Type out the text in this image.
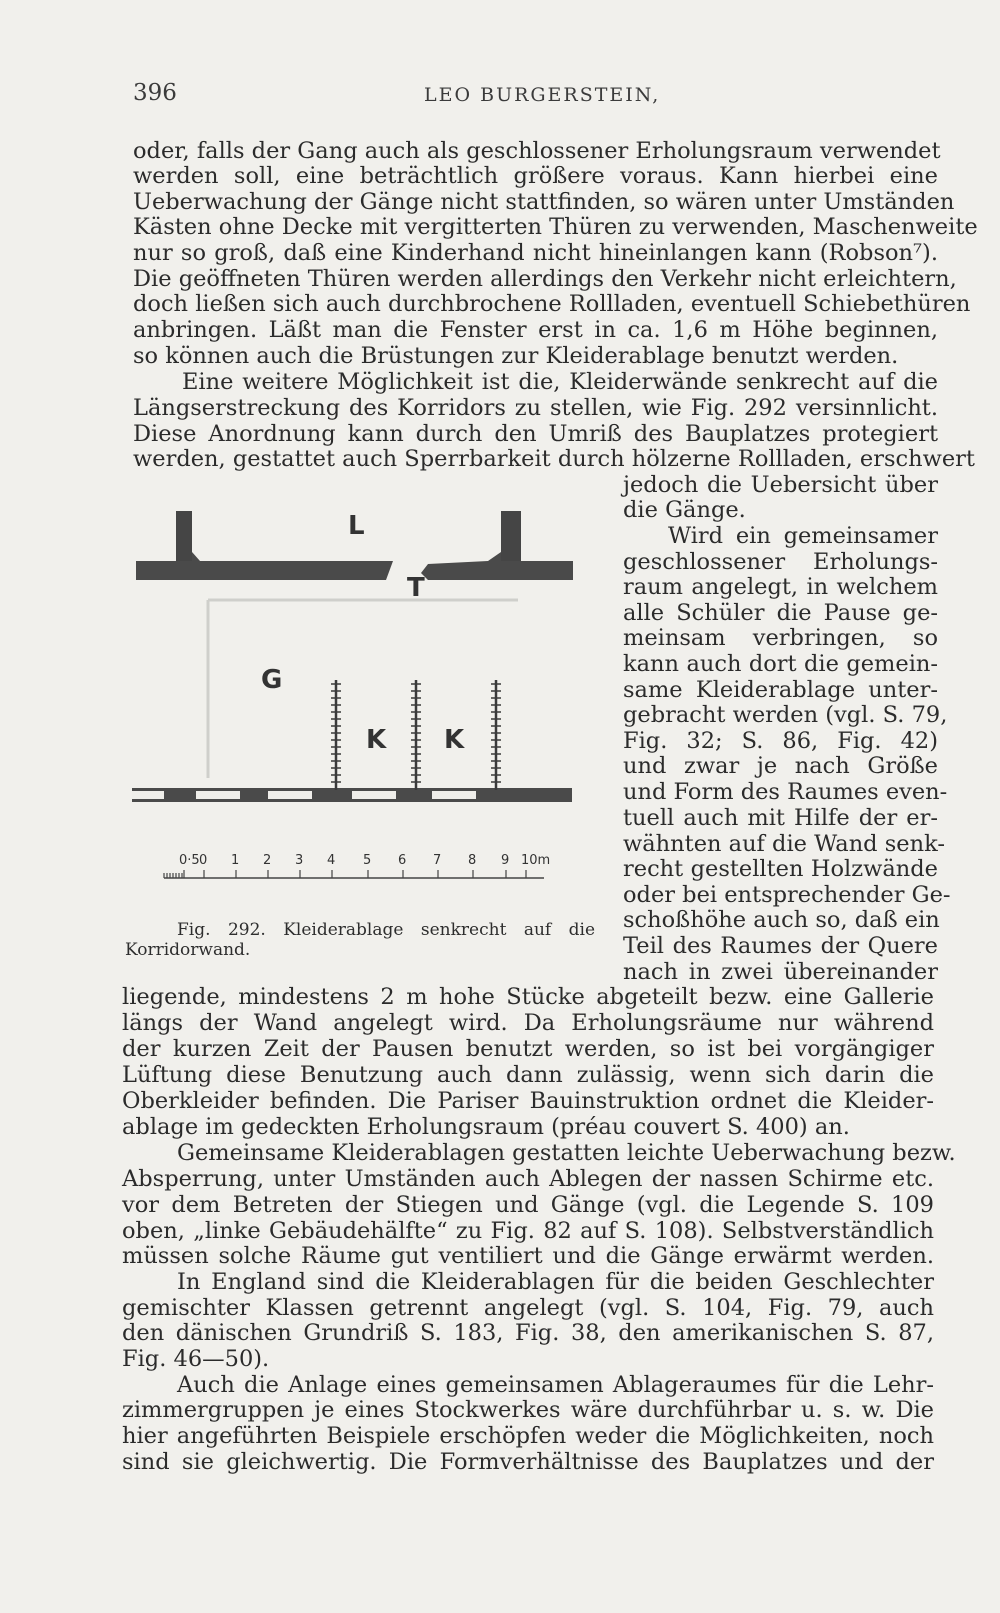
396	LEO BURGERSTEIN,
oder, falls der Gang auch als geschlossener Erholungsraum verwendet
werden soll, eine beträchtlich größere voraus. Kann hierbei eine
Ueberwachung der Gänge nicht stattfinden, so wären unter Umständen
Kästen ohne Decke mit vergitterten Thüren zu verwenden, Maschenweite
nur so groß, daß eine Kinderhand nicht hineinlangen kann (Robson⁷).
Die geöffneten Thüren werden allerdings den Verkehr nicht erleichtern,
doch ließen sich auch durchbrochene Rollladen, eventuell Schiebethüren
anbringen. Läßt man die Fenster erst in ca. 1,6 m Höhe beginnen,
so können auch die Brüstungen zur Kleiderablage benutzt werden.
Eine weitere Möglichkeit ist die, Kleiderwände senkrecht auf die
Längserstreckung des Korridors zu stellen, wie Fig. 292 versinnlicht.
Diese Anordnung kann durch den Umriß des Bauplatzes protegiert
werden, gestattet auch Sperrbarkeit durch hölzerne Rollladen, erschwert
jedoch die Uebersicht über
die Gänge.
Wird ein gemeinsamer
geschlossener Erholungs-
raum angelegt, in welchem
alle Schüler die Pause ge-
meinsam verbringen, so
kann auch dort die gemein-
same Kleiderablage unter-
gebracht werden (vgl. S. 79,
Fig. 32; S. 86, Fig. 42)
und zwar je nach Größe
und Form des Raumes even-
tuell auch mit Hilfe der er-
wähnten auf die Wand senk-
recht gestellten Holzwände
oder bei entsprechender Ge-
schoßhöhe auch so, daß ein
Teil des Raumes der Quere
nach in zwei übereinander
liegende, mindestens 2 m hohe Stücke abgeteilt bezw. eine Gallerie
längs der Wand angelegt wird. Da Erholungsräume nur während
der kurzen Zeit der Pausen benutzt werden, so ist bei vorgängiger
Lüftung diese Benutzung auch dann zulässig, wenn sich darin die
Oberkleider befinden. Die Pariser Bauinstruktion ordnet die Kleider-
ablage im gedeckten Erholungsraum (préau couvert S. 400) an.
Gemeinsame Kleiderablagen gestatten leichte Ueberwachung bezw.
Absperrung, unter Umständen auch Ablegen der nassen Schirme etc.
vor dem Betreten der Stiegen und Gänge (vgl. die Legende S. 109
oben, „linke Gebäudehälfte“ zu Fig. 82 auf S. 108). Selbstverständlich
müssen solche Räume gut ventiliert und die Gänge erwärmt werden.
In England sind die Kleiderablagen für die beiden Geschlechter
gemischter Klassen getrennt angelegt (vgl. S. 104, Fig. 79, auch
den dänischen Grundriß S. 183, Fig. 38, den amerikanischen S. 87,
Fig. 46—50).
Auch die Anlage eines gemeinsamen Ablageraumes für die Lehr-
zimmergruppen je eines Stockwerkes wäre durchführbar u. s. w. Die
hier angeführten Beispiele erschöpfen weder die Möglichkeiten, noch
sind sie gleichwertig. Die Formverhältnisse des Bauplatzes und der
L
T
G
K K
0·5 0 1 2 3 4 5 6 7 8 9 10m
Fig. 292. Kleiderablage senkrecht auf die
Korridorwand.
